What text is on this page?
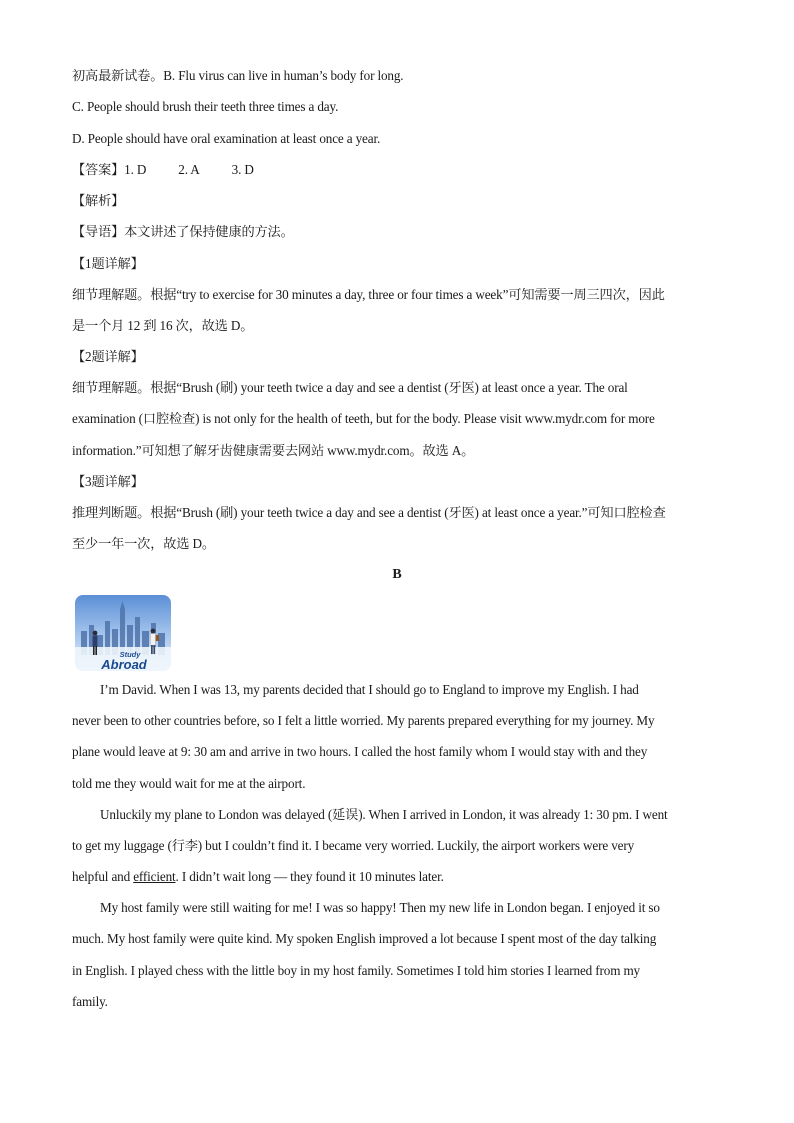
初高最新试卷。B. Flu virus can live in human’s body for long.
C. People should brush their teeth three times a day.
D. People should have oral examination at least once a year.
【答案】1. D 2. A 3. D
【解析】
【导语】本文讲述了保持健康的方法。
【1题详解】
细节理解题。根据“try to exercise for 30 minutes a day, three or four times a week”可知需要一周三四次，因此
是一个月 12 到 16 次，故选 D。
【2题详解】
细节理解题。根据“Brush (刷) your teeth twice a day and see a dentist (牙医) at least once a year. The oral
examination (口腔检查) is not only for the health of teeth, but for the body. Please visit www.mydr.com for more
information.”可知想了解牙齿健康需要去网站 www.mydr.com。故选 A。
【3题详解】
推理判断题。根据“Brush (刷) your teeth twice a day and see a dentist (牙医) at least once a year.”可知口腔检查
至少一年一次，故选 D。
B
Study
Abroad
I’m David. When I was 13, my parents decided that I should go to England to improve my English. I had
never been to other countries before, so I felt a little worried. My parents prepared everything for my journey. My
plane would leave at 9: 30 am and arrive in two hours. I called the host family whom I would stay with and they
told me they would wait for me at the airport.
Unluckily my plane to London was delayed (延误). When I arrived in London, it was already 1: 30 pm. I went
to get my luggage (行李) but I couldn’t find it. I became very worried. Luckily, the airport workers were very
helpful and efficient. I didn’t wait long — they found it 10 minutes later.
My host family were still waiting for me! I was so happy! Then my new life in London began. I enjoyed it so
much. My host family were quite kind. My spoken English improved a lot because I spent most of the day talking
in English. I played chess with the little boy in my host family. Sometimes I told him stories I learned from my
family.
